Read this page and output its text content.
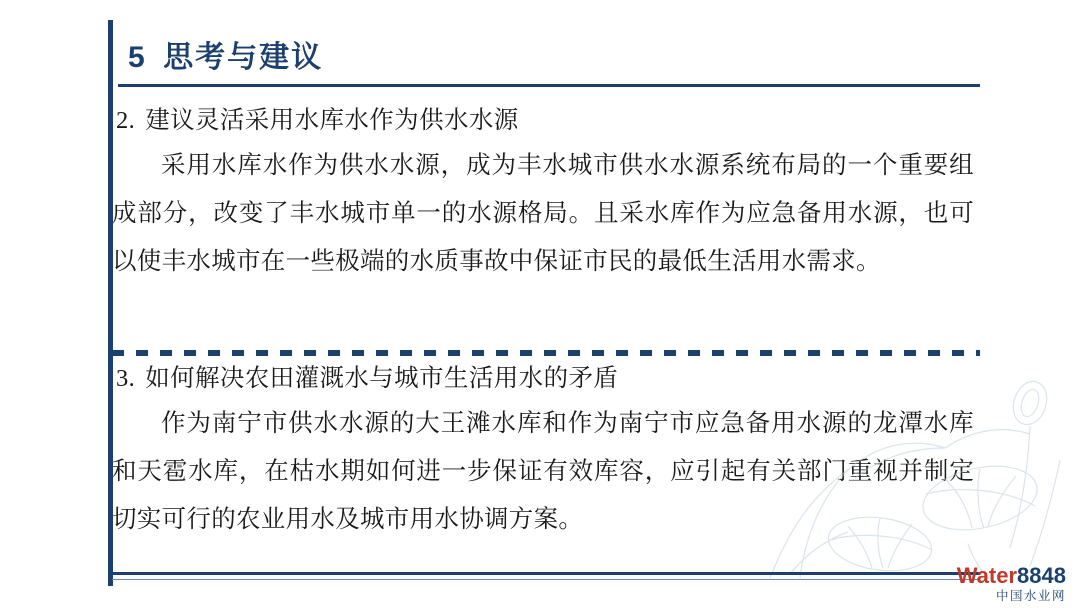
5 思考与建议

2. 建议灵活采用水库水作为供水水源

采用水库水作为供水水源，成为丰水城市供水水源系统布局的一个重要组成部分，改变了丰水城市单一的水源格局。且采水库作为应急备用水源，也可以使丰水城市在一些极端的水质事故中保证市民的最低生活用水需求。

3. 如何解决农田灌溉水与城市生活用水的矛盾

作为南宁市供水水源的大王滩水库和作为南宁市应急备用水源的龙潭水库和天雹水库，在枯水期如何进一步保证有效库容，应引起有关部门重视并制定切实可行的农业用水及城市用水协调方案。

Water8848
中国水业网
